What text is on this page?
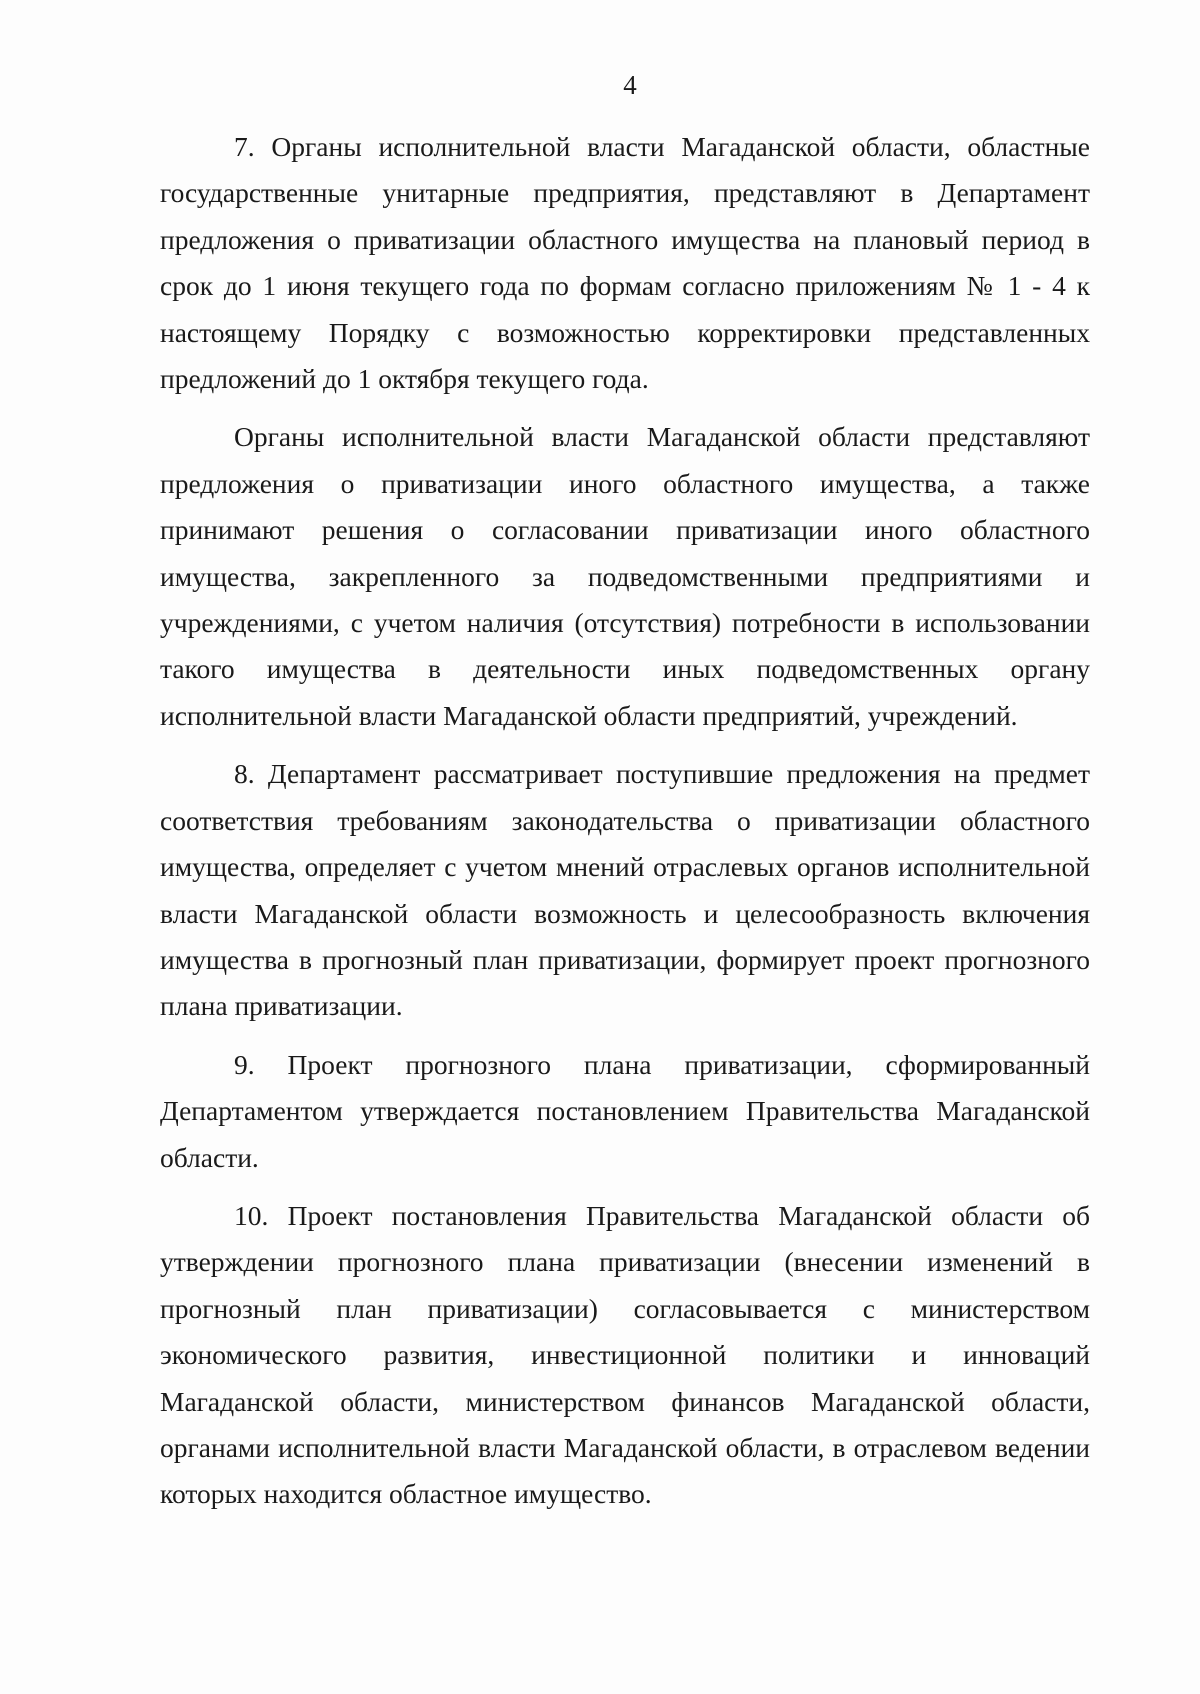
4

7. Органы исполнительной власти Магаданской области, областные государственные унитарные предприятия, представляют в Департамент предложения о приватизации областного имущества на плановый период в срок до 1 июня текущего года по формам согласно приложениям № 1 - 4 к настоящему Порядку с возможностью корректировки представленных предложений до 1 октября текущего года.

Органы исполнительной власти Магаданской области представляют предложения о приватизации иного областного имущества, а также принимают решения о согласовании приватизации иного областного имущества, закрепленного за подведомственными предприятиями и учреждениями, с учетом наличия (отсутствия) потребности в использовании такого имущества в деятельности иных подведомственных органу исполнительной власти Магаданской области предприятий, учреждений.

8. Департамент рассматривает поступившие предложения на предмет соответствия требованиям законодательства о приватизации областного имущества, определяет с учетом мнений отраслевых органов исполнительной власти Магаданской области возможность и целесообразность включения имущества в прогнозный план приватизации, формирует проект прогнозного плана приватизации.

9. Проект прогнозного плана приватизации, сформированный Департаментом утверждается постановлением Правительства Магаданской области.

10. Проект постановления Правительства Магаданской области об утверждении прогнозного плана приватизации (внесении изменений в прогнозный план приватизации) согласовывается с министерством экономического развития, инвестиционной политики и инноваций Магаданской области, министерством финансов Магаданской области, органами исполнительной власти Магаданской области, в отраслевом ведении которых находится областное имущество.
